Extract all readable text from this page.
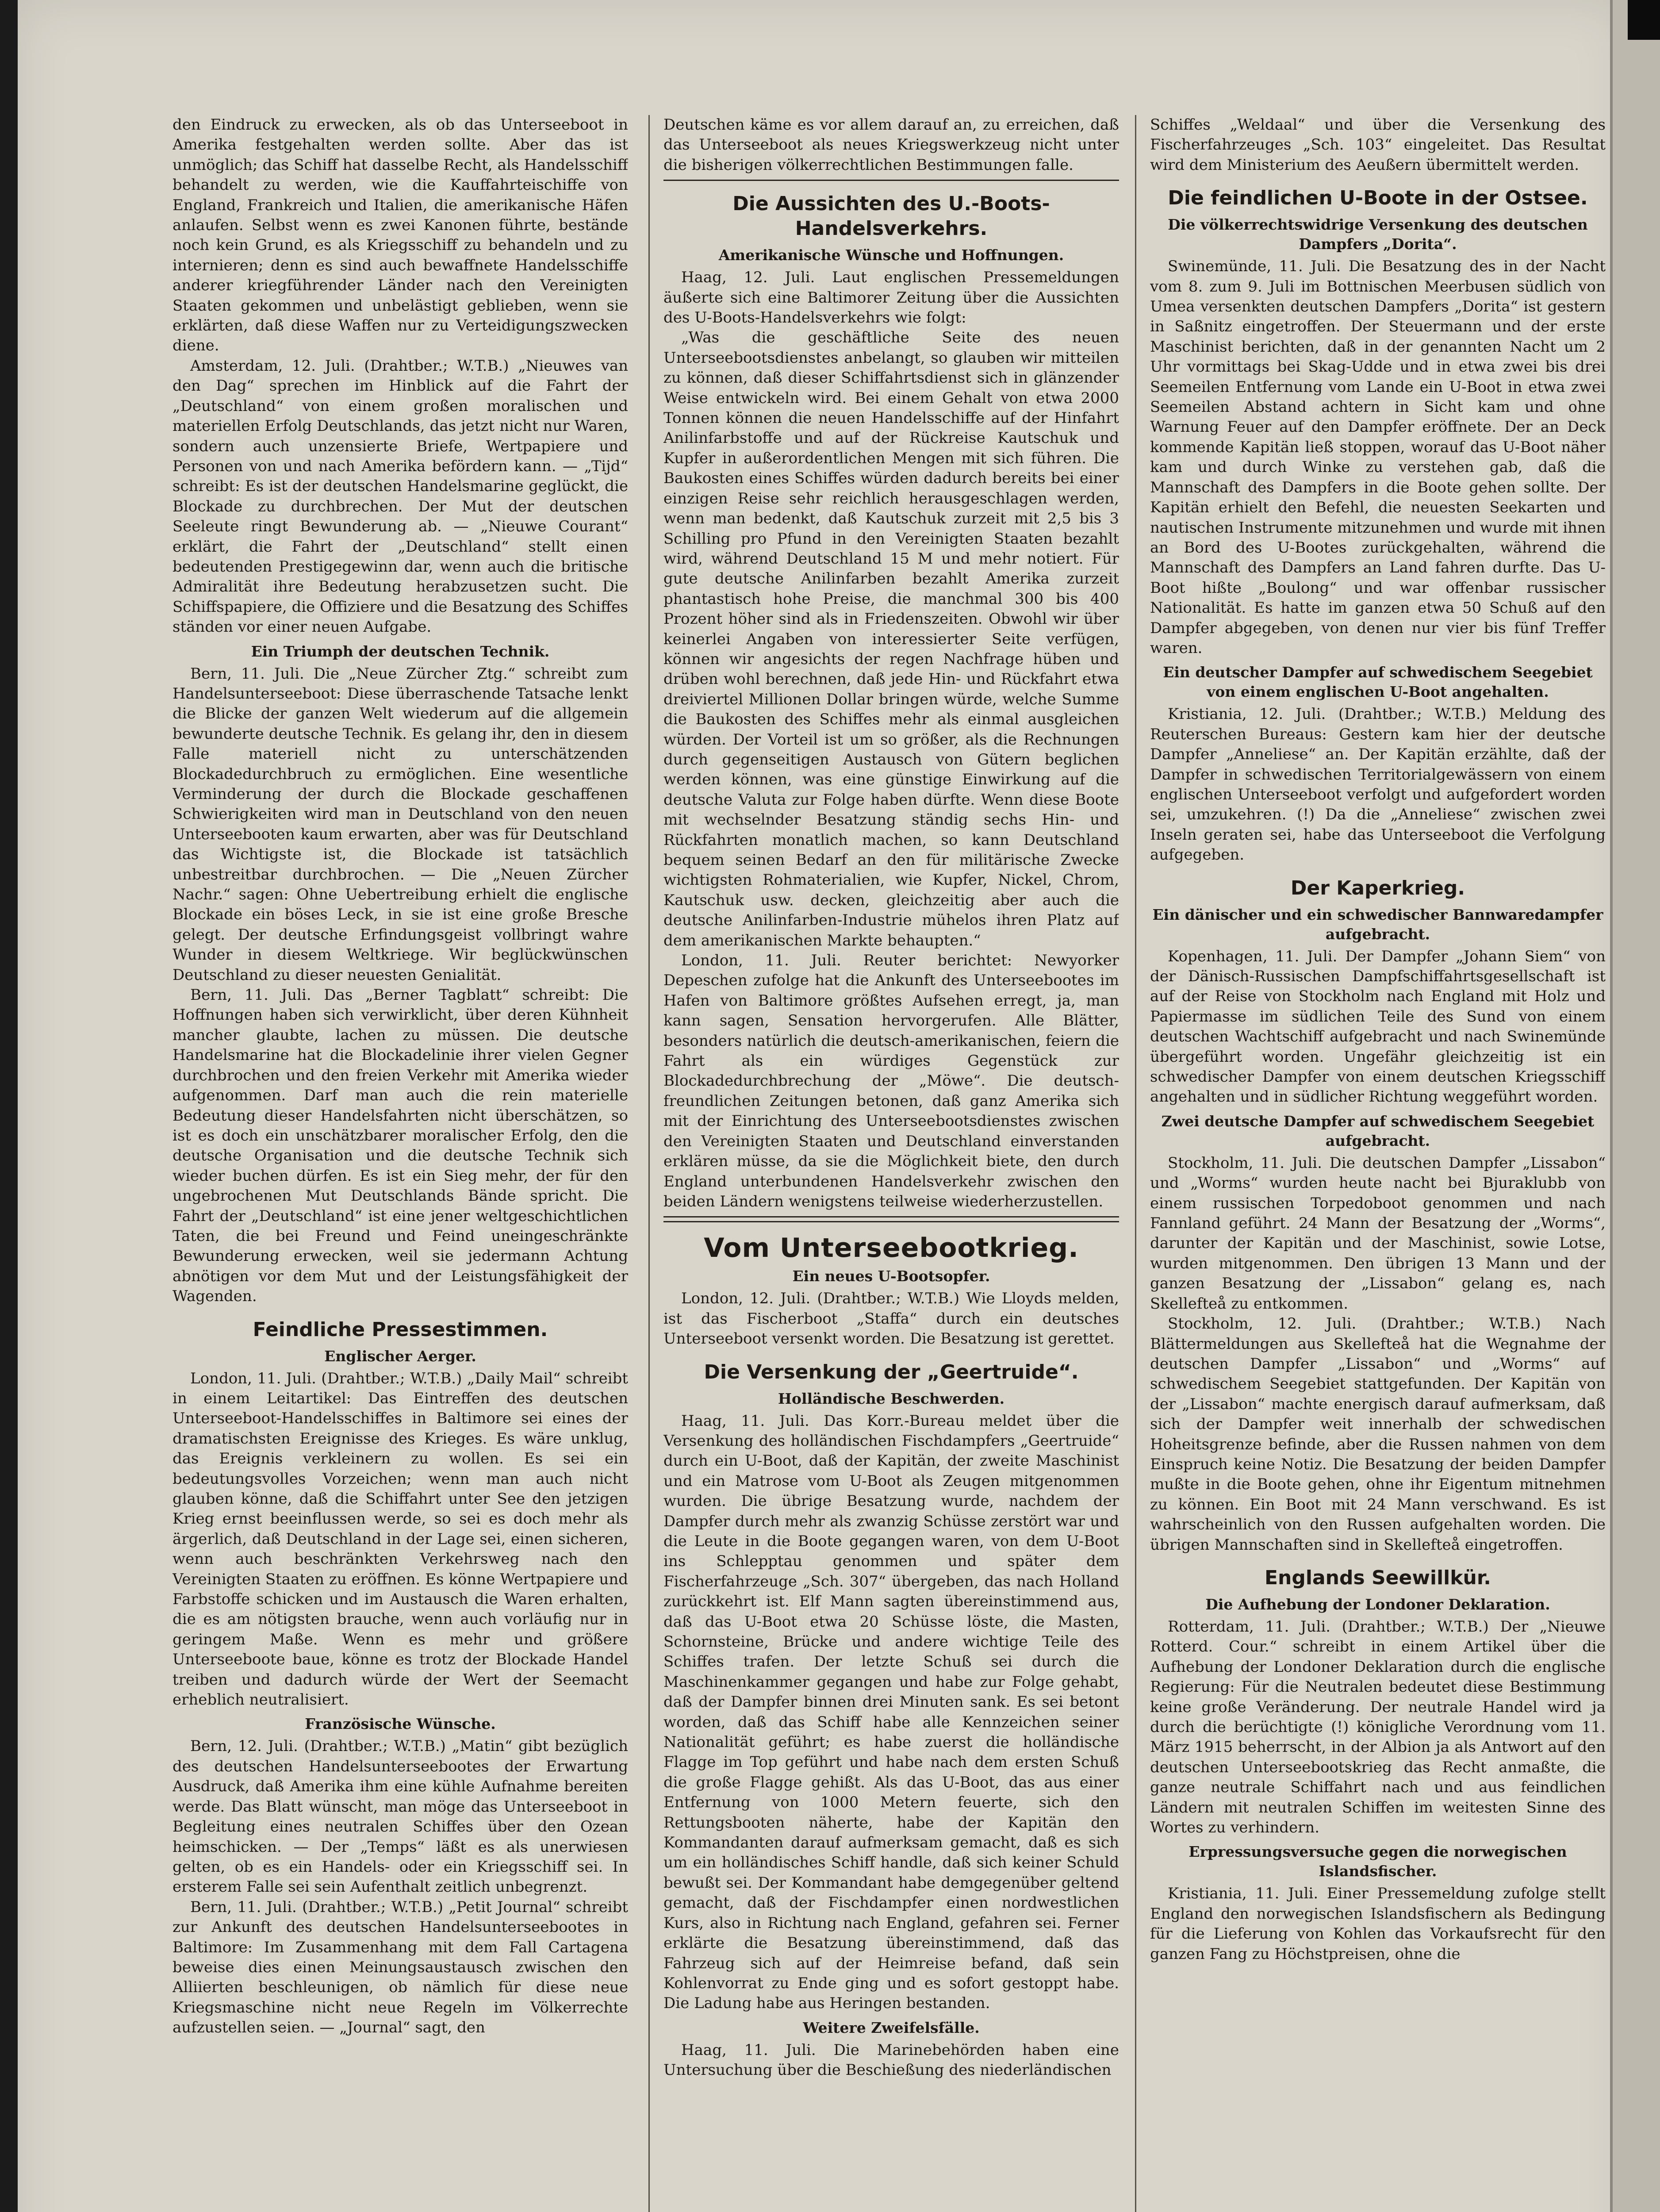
den Eindruck zu erwecken, als ob das Unterseeboot in Amerika festgehalten werden sollte. Aber das ist unmöglich; das Schiff hat dasselbe Recht, als Handelsschiff behandelt zu werden, wie die Kauffahrteischiffe von England, Frankreich und Italien, die amerikanische Häfen anlaufen. Selbst wenn es zwei Kanonen führte, bestände noch kein Grund, es als Kriegsschiff zu behandeln und zu internieren; denn es sind auch bewaffnete Handelsschiffe anderer kriegführender Länder nach den Vereinigten Staaten gekommen und unbelästigt geblieben, wenn sie erklärten, daß diese Waffen nur zu Verteidigungszwecken diene.

Amsterdam, 12. Juli. (Drahtber.; W.T.B.) „Nieuwes van den Dag“ sprechen im Hinblick auf die Fahrt der „Deutschland“ von einem großen moralischen und materiellen Erfolg Deutschlands, das jetzt nicht nur Waren, sondern auch unzensierte Briefe, Wertpapiere und Personen von und nach Amerika befördern kann. — „Tijd“ schreibt: Es ist der deutschen Handelsmarine geglückt, die Blockade zu durchbrechen. Der Mut der deutschen Seeleute ringt Bewunderung ab. — „Nieuwe Courant“ erklärt, die Fahrt der „Deutschland“ stellt einen bedeutenden Prestigegewinn dar, wenn auch die britische Admiralität ihre Bedeutung herabzusetzen sucht. Die Schiffspapiere, die Offiziere und die Besatzung des Schiffes ständen vor einer neuen Aufgabe.

Ein Triumph der deutschen Technik.

Bern, 11. Juli. Die „Neue Zürcher Ztg.“ schreibt zum Handelsunterseeboot: Diese überraschende Tatsache lenkt die Blicke der ganzen Welt wiederum auf die allgemein bewunderte deutsche Technik. Es gelang ihr, den in diesem Falle materiell nicht zu unterschätzenden Blockadedurchbruch zu ermöglichen. Eine wesentliche Verminderung der durch die Blockade geschaffenen Schwierigkeiten wird man in Deutschland von den neuen Unterseebooten kaum erwarten, aber was für Deutschland das Wichtigste ist, die Blockade ist tatsächlich unbestreitbar durchbrochen. — Die „Neuen Zürcher Nachr.“ sagen: Ohne Uebertreibung erhielt die englische Blockade ein böses Leck, in sie ist eine große Bresche gelegt. Der deutsche Erfindungsgeist vollbringt wahre Wunder in diesem Weltkriege. Wir beglückwünschen Deutschland zu dieser neuesten Genialität.

Bern, 11. Juli. Das „Berner Tagblatt“ schreibt: Die Hoffnungen haben sich verwirklicht, über deren Kühnheit mancher glaubte, lachen zu müssen. Die deutsche Handelsmarine hat die Blockadelinie ihrer vielen Gegner durchbrochen und den freien Verkehr mit Amerika wieder aufgenommen. Darf man auch die rein materielle Bedeutung dieser Handelsfahrten nicht überschätzen, so ist es doch ein unschätzbarer moralischer Erfolg, den die deutsche Organisation und die deutsche Technik sich wieder buchen dürfen. Es ist ein Sieg mehr, der für den ungebrochenen Mut Deutschlands Bände spricht. Die Fahrt der „Deutschland“ ist eine jener weltgeschichtlichen Taten, die bei Freund und Feind uneingeschränkte Bewunderung erwecken, weil sie jedermann Achtung abnötigen vor dem Mut und der Leistungsfähigkeit der Wagenden.

Feindliche Pressestimmen.
Englischer Aerger.

London, 11. Juli. (Drahtber.; W.T.B.) „Daily Mail“ schreibt in einem Leitartikel: Das Eintreffen des deutschen Unterseeboot-Handelsschiffes in Baltimore sei eines der dramatischsten Ereignisse des Krieges. Es wäre unklug, das Ereignis verkleinern zu wollen. Es sei ein bedeutungsvolles Vorzeichen; wenn man auch nicht glauben könne, daß die Schiffahrt unter See den jetzigen Krieg ernst beeinflussen werde, so sei es doch mehr als ärgerlich, daß Deutschland in der Lage sei, einen sicheren, wenn auch beschränkten Verkehrsweg nach den Vereinigten Staaten zu eröffnen. Es könne Wertpapiere und Farbstoffe schicken und im Austausch die Waren erhalten, die es am nötigsten brauche, wenn auch vorläufig nur in geringem Maße. Wenn es mehr und größere Unterseeboote baue, könne es trotz der Blockade Handel treiben und dadurch würde der Wert der Seemacht erheblich neutralisiert.

Französische Wünsche.

Bern, 12. Juli. (Drahtber.; W.T.B.) „Matin“ gibt bezüglich des deutschen Handelsunterseebootes der Erwartung Ausdruck, daß Amerika ihm eine kühle Aufnahme bereiten werde. Das Blatt wünscht, man möge das Unterseeboot in Begleitung eines neutralen Schiffes über den Ozean heimschicken. — Der „Temps“ läßt es als unerwiesen gelten, ob es ein Handels- oder ein Kriegsschiff sei. In ersterem Falle sei sein Aufenthalt zeitlich unbegrenzt.

Bern, 11. Juli. (Drahtber.; W.T.B.) „Petit Journal“ schreibt zur Ankunft des deutschen Handelsunterseebootes in Baltimore: Im Zusammenhang mit dem Fall Cartagena beweise dies einen Meinungsaustausch zwischen den Alliierten beschleunigen, ob nämlich für diese neue Kriegsmaschine nicht neue Regeln im Völkerrechte aufzustellen seien. — „Journal“ sagt, den

Deutschen käme es vor allem darauf an, zu erreichen, daß das Unterseeboot als neues Kriegswerkzeug nicht unter die bisherigen völkerrechtlichen Bestimmungen falle.

Die Aussichten des U.-Boots-Handelsverkehrs.
Amerikanische Wünsche und Hoffnungen.

Haag, 12. Juli. Laut englischen Pressemeldungen äußerte sich eine Baltimorer Zeitung über die Aussichten des U-Boots-Handelsverkehrs wie folgt:

„Was die geschäftliche Seite des neuen Unterseebootsdienstes anbelangt, so glauben wir mitteilen zu können, daß dieser Schiffahrtsdienst sich in glänzender Weise entwickeln wird. Bei einem Gehalt von etwa 2000 Tonnen können die neuen Handelsschiffe auf der Hinfahrt Anilinfarbstoffe und auf der Rückreise Kautschuk und Kupfer in außerordentlichen Mengen mit sich führen. Die Baukosten eines Schiffes würden dadurch bereits bei einer einzigen Reise sehr reichlich herausgeschlagen werden, wenn man bedenkt, daß Kautschuk zurzeit mit 2,5 bis 3 Schilling pro Pfund in den Vereinigten Staaten bezahlt wird, während Deutschland 15 M und mehr notiert. Für gute deutsche Anilinfarben bezahlt Amerika zurzeit phantastisch hohe Preise, die manchmal 300 bis 400 Prozent höher sind als in Friedenszeiten. Obwohl wir über keinerlei Angaben von interessierter Seite verfügen, können wir angesichts der regen Nachfrage hüben und drüben wohl berechnen, daß jede Hin- und Rückfahrt etwa dreiviertel Millionen Dollar bringen würde, welche Summe die Baukosten des Schiffes mehr als einmal ausgleichen würden. Der Vorteil ist um so größer, als die Rechnungen durch gegenseitigen Austausch von Gütern beglichen werden können, was eine günstige Einwirkung auf die deutsche Valuta zur Folge haben dürfte. Wenn diese Boote mit wechselnder Besatzung ständig sechs Hin- und Rückfahrten monatlich machen, so kann Deutschland bequem seinen Bedarf an den für militärische Zwecke wichtigsten Rohmaterialien, wie Kupfer, Nickel, Chrom, Kautschuk usw. decken, gleichzeitig aber auch die deutsche Anilinfarben-Industrie mühelos ihren Platz auf dem amerikanischen Markte behaupten.“

London, 11. Juli. Reuter berichtet: Newyorker Depeschen zufolge hat die Ankunft des Unterseebootes im Hafen von Baltimore größtes Aufsehen erregt, ja, man kann sagen, Sensation hervorgerufen. Alle Blätter, besonders natürlich die deutsch-amerikanischen, feiern die Fahrt als ein würdiges Gegenstück zur Blockadedurchbrechung der „Möwe“. Die deutsch-freundlichen Zeitungen betonen, daß ganz Amerika sich mit der Einrichtung des Unterseebootsdienstes zwischen den Vereinigten Staaten und Deutschland einverstanden erklären müsse, da sie die Möglichkeit biete, den durch England unterbundenen Handelsverkehr zwischen den beiden Ländern wenigstens teilweise wiederherzustellen.

Vom Unterseebootkrieg.
Ein neues U-Bootsopfer.

London, 12. Juli. (Drahtber.; W.T.B.) Wie Lloyds melden, ist das Fischerboot „Staffa“ durch ein deutsches Unterseeboot versenkt worden. Die Besatzung ist gerettet.

Die Versenkung der „Geertruide“.
Holländische Beschwerden.

Haag, 11. Juli. Das Korr.-Bureau meldet über die Versenkung des holländischen Fischdampfers „Geertruide“ durch ein U-Boot, daß der Kapitän, der zweite Maschinist und ein Matrose vom U-Boot als Zeugen mitgenommen wurden. Die übrige Besatzung wurde, nachdem der Dampfer durch mehr als zwanzig Schüsse zerstört war und die Leute in die Boote gegangen waren, von dem U-Boot ins Schlepptau genommen und später dem Fischerfahrzeuge „Sch. 307“ übergeben, das nach Holland zurückkehrt ist. Elf Mann sagten übereinstimmend aus, daß das U-Boot etwa 20 Schüsse löste, die Masten, Schornsteine, Brücke und andere wichtige Teile des Schiffes trafen. Der letzte Schuß sei durch die Maschinenkammer gegangen und habe zur Folge gehabt, daß der Dampfer binnen drei Minuten sank. Es sei betont worden, daß das Schiff habe alle Kennzeichen seiner Nationalität geführt; es habe zuerst die holländische Flagge im Top geführt und habe nach dem ersten Schuß die große Flagge gehißt. Als das U-Boot, das aus einer Entfernung von 1000 Metern feuerte, sich den Rettungsbooten näherte, habe der Kapitän den Kommandanten darauf aufmerksam gemacht, daß es sich um ein holländisches Schiff handle, daß sich keiner Schuld bewußt sei. Der Kommandant habe demgegenüber geltend gemacht, daß der Fischdampfer einen nordwestlichen Kurs, also in Richtung nach England, gefahren sei. Ferner erklärte die Besatzung übereinstimmend, daß das Fahrzeug sich auf der Heimreise befand, daß sein Kohlenvorrat zu Ende ging und es sofort gestoppt habe. Die Ladung habe aus Heringen bestanden.

Weitere Zweifelsfälle.

Haag, 11. Juli. Die Marinebehörden haben eine Untersuchung über die Beschießung des niederländischen

Schiffes „Weldaal“ und über die Versenkung des Fischerfahrzeuges „Sch. 103“ eingeleitet. Das Resultat wird dem Ministerium des Aeußern übermittelt werden.

Die feindlichen U-Boote in der Ostsee.
Die völkerrechtswidrige Versenkung des deutschen Dampfers „Dorita“.

Swinemünde, 11. Juli. Die Besatzung des in der Nacht vom 8. zum 9. Juli im Bottnischen Meerbusen südlich von Umea versenkten deutschen Dampfers „Dorita“ ist gestern in Saßnitz eingetroffen. Der Steuermann und der erste Maschinist berichten, daß in der genannten Nacht um 2 Uhr vormittags bei Skag-Udde und in etwa zwei bis drei Seemeilen Entfernung vom Lande ein U-Boot in etwa zwei Seemeilen Abstand achtern in Sicht kam und ohne Warnung Feuer auf den Dampfer eröffnete. Der an Deck kommende Kapitän ließ stoppen, worauf das U-Boot näher kam und durch Winke zu verstehen gab, daß die Mannschaft des Dampfers in die Boote gehen sollte. Der Kapitän erhielt den Befehl, die neuesten Seekarten und nautischen Instrumente mitzunehmen und wurde mit ihnen an Bord des U-Bootes zurückgehalten, während die Mannschaft des Dampfers an Land fahren durfte. Das U-Boot hißte „Boulong“ und war offenbar russischer Nationalität. Es hatte im ganzen etwa 50 Schuß auf den Dampfer abgegeben, von denen nur vier bis fünf Treffer waren.

Ein deutscher Dampfer auf schwedischem Seegebiet von einem englischen U-Boot angehalten.

Kristiania, 12. Juli. (Drahtber.; W.T.B.) Meldung des Reuterschen Bureaus: Gestern kam hier der deutsche Dampfer „Anneliese“ an. Der Kapitän erzählte, daß der Dampfer in schwedischen Territorialgewässern von einem englischen Unterseeboot verfolgt und aufgefordert worden sei, umzukehren. (!) Da die „Anneliese“ zwischen zwei Inseln geraten sei, habe das Unterseeboot die Verfolgung aufgegeben.

Der Kaperkrieg.
Ein dänischer und ein schwedischer Bannwaredampfer aufgebracht.

Kopenhagen, 11. Juli. Der Dampfer „Johann Siem“ von der Dänisch-Russischen Dampfschiffahrtsgesellschaft ist auf der Reise von Stockholm nach England mit Holz und Papiermasse im südlichen Teile des Sund von einem deutschen Wachtschiff aufgebracht und nach Swinemünde übergeführt worden. Ungefähr gleichzeitig ist ein schwedischer Dampfer von einem deutschen Kriegsschiff angehalten und in südlicher Richtung weggeführt worden.

Zwei deutsche Dampfer auf schwedischem Seegebiet aufgebracht.

Stockholm, 11. Juli. Die deutschen Dampfer „Lissabon“ und „Worms“ wurden heute nacht bei Bjuraklubb von einem russischen Torpedoboot genommen und nach Fannland geführt. 24 Mann der Besatzung der „Worms“, darunter der Kapitän und der Maschinist, sowie Lotse, wurden mitgenommen. Den übrigen 13 Mann und der ganzen Besatzung der „Lissabon“ gelang es, nach Skellefteå zu entkommen.

Stockholm, 12. Juli. (Drahtber.; W.T.B.) Nach Blättermeldungen aus Skellefteå hat die Wegnahme der deutschen Dampfer „Lissabon“ und „Worms“ auf schwedischem Seegebiet stattgefunden. Der Kapitän von der „Lissabon“ machte energisch darauf aufmerksam, daß sich der Dampfer weit innerhalb der schwedischen Hoheitsgrenze befinde, aber die Russen nahmen von dem Einspruch keine Notiz. Die Besatzung der beiden Dampfer mußte in die Boote gehen, ohne ihr Eigentum mitnehmen zu können. Ein Boot mit 24 Mann verschwand. Es ist wahrscheinlich von den Russen aufgehalten worden. Die übrigen Mannschaften sind in Skellefteå eingetroffen.

Englands Seewillkür.
Die Aufhebung der Londoner Deklaration.

Rotterdam, 11. Juli. (Drahtber.; W.T.B.) Der „Nieuwe Rotterd. Cour.“ schreibt in einem Artikel über die Aufhebung der Londoner Deklaration durch die englische Regierung: Für die Neutralen bedeutet diese Bestimmung keine große Veränderung. Der neutrale Handel wird ja durch die berüchtigte (!) königliche Verordnung vom 11. März 1915 beherrscht, in der Albion ja als Antwort auf den deutschen Unterseebootskrieg das Recht anmaßte, die ganze neutrale Schiffahrt nach und aus feindlichen Ländern mit neutralen Schiffen im weitesten Sinne des Wortes zu verhindern.

Erpressungsversuche gegen die norwegischen Islandsfischer.

Kristiania, 11. Juli. Einer Pressemeldung zufolge stellt England den norwegischen Islandsfischern als Bedingung für die Lieferung von Kohlen das Vorkaufsrecht für den ganzen Fang zu Höchstpreisen, ohne die
